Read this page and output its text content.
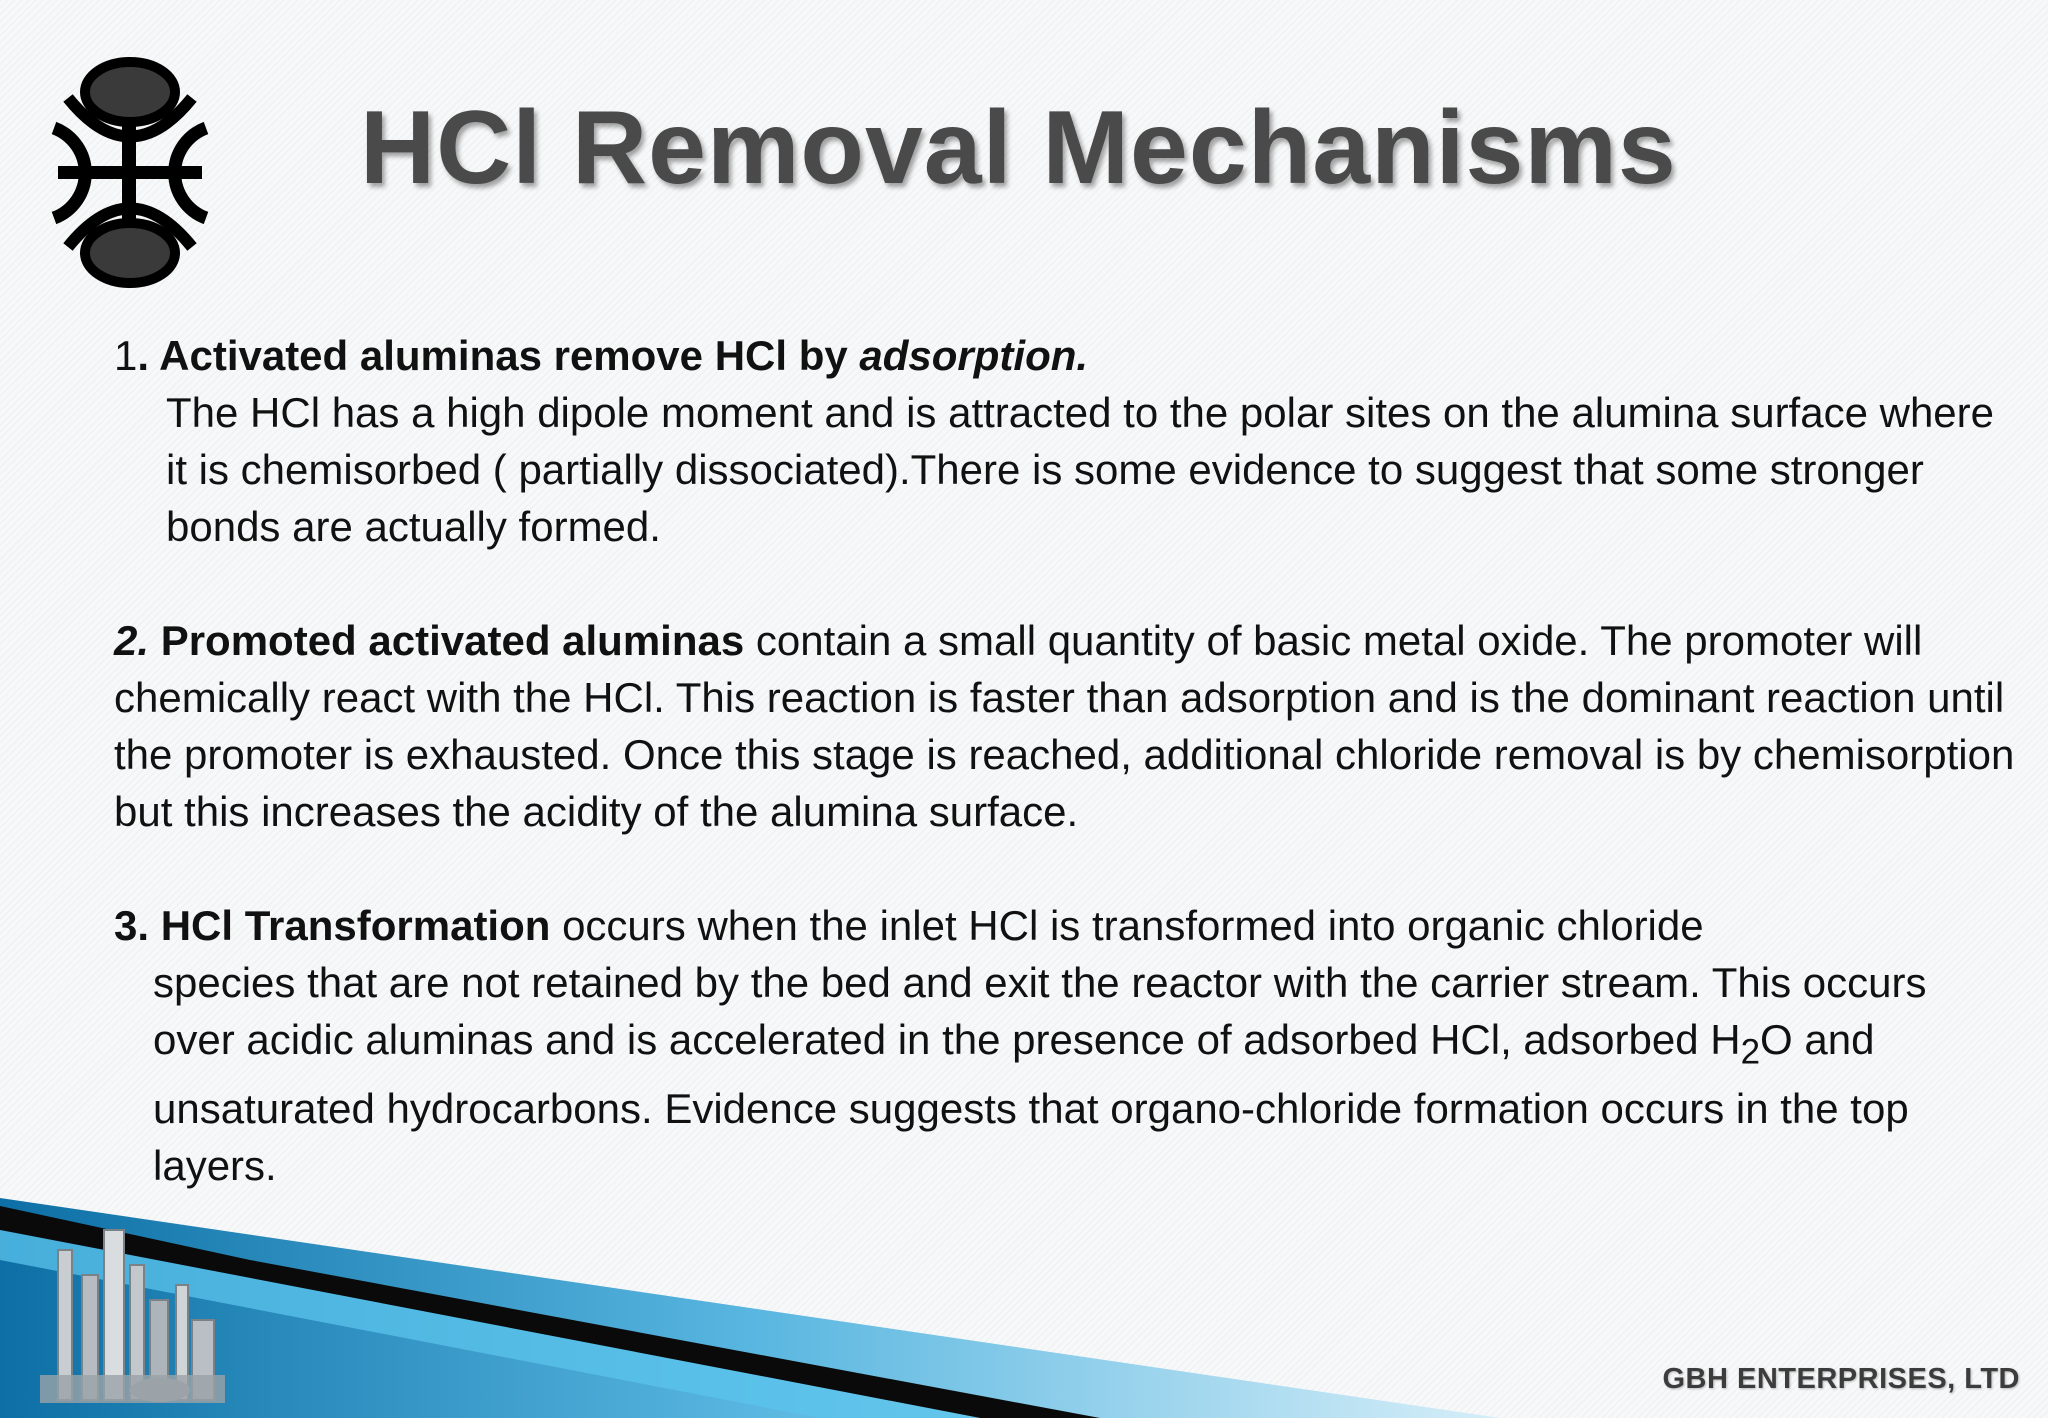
HCl Removal Mechanisms
1. Activated aluminas remove HCl by adsorption.
The HCl has a high dipole moment and is attracted to the polar sites on the alumina surface where it is chemisorbed ( partially dissociated).There is some evidence to suggest that some stronger bonds are actually formed.
2. Promoted activated aluminas contain a small quantity of basic metal oxide. The promoter will chemically react with the HCl. This reaction is faster than adsorption and is the dominant reaction until the promoter is exhausted. Once this stage is reached, additional chloride removal is by chemisorption but this increases the acidity of the alumina surface.
3. HCl Transformation occurs when the inlet HCl is transformed into organic chloride
species that are not retained by the bed and exit the reactor with the carrier stream. This occurs over acidic aluminas and is accelerated in the presence of adsorbed HCl, adsorbed $H_2O$ and unsaturated hydrocarbons. Evidence suggests that organo-chloride formation occurs in the top layers.
GBH ENTERPRISES, LTD
